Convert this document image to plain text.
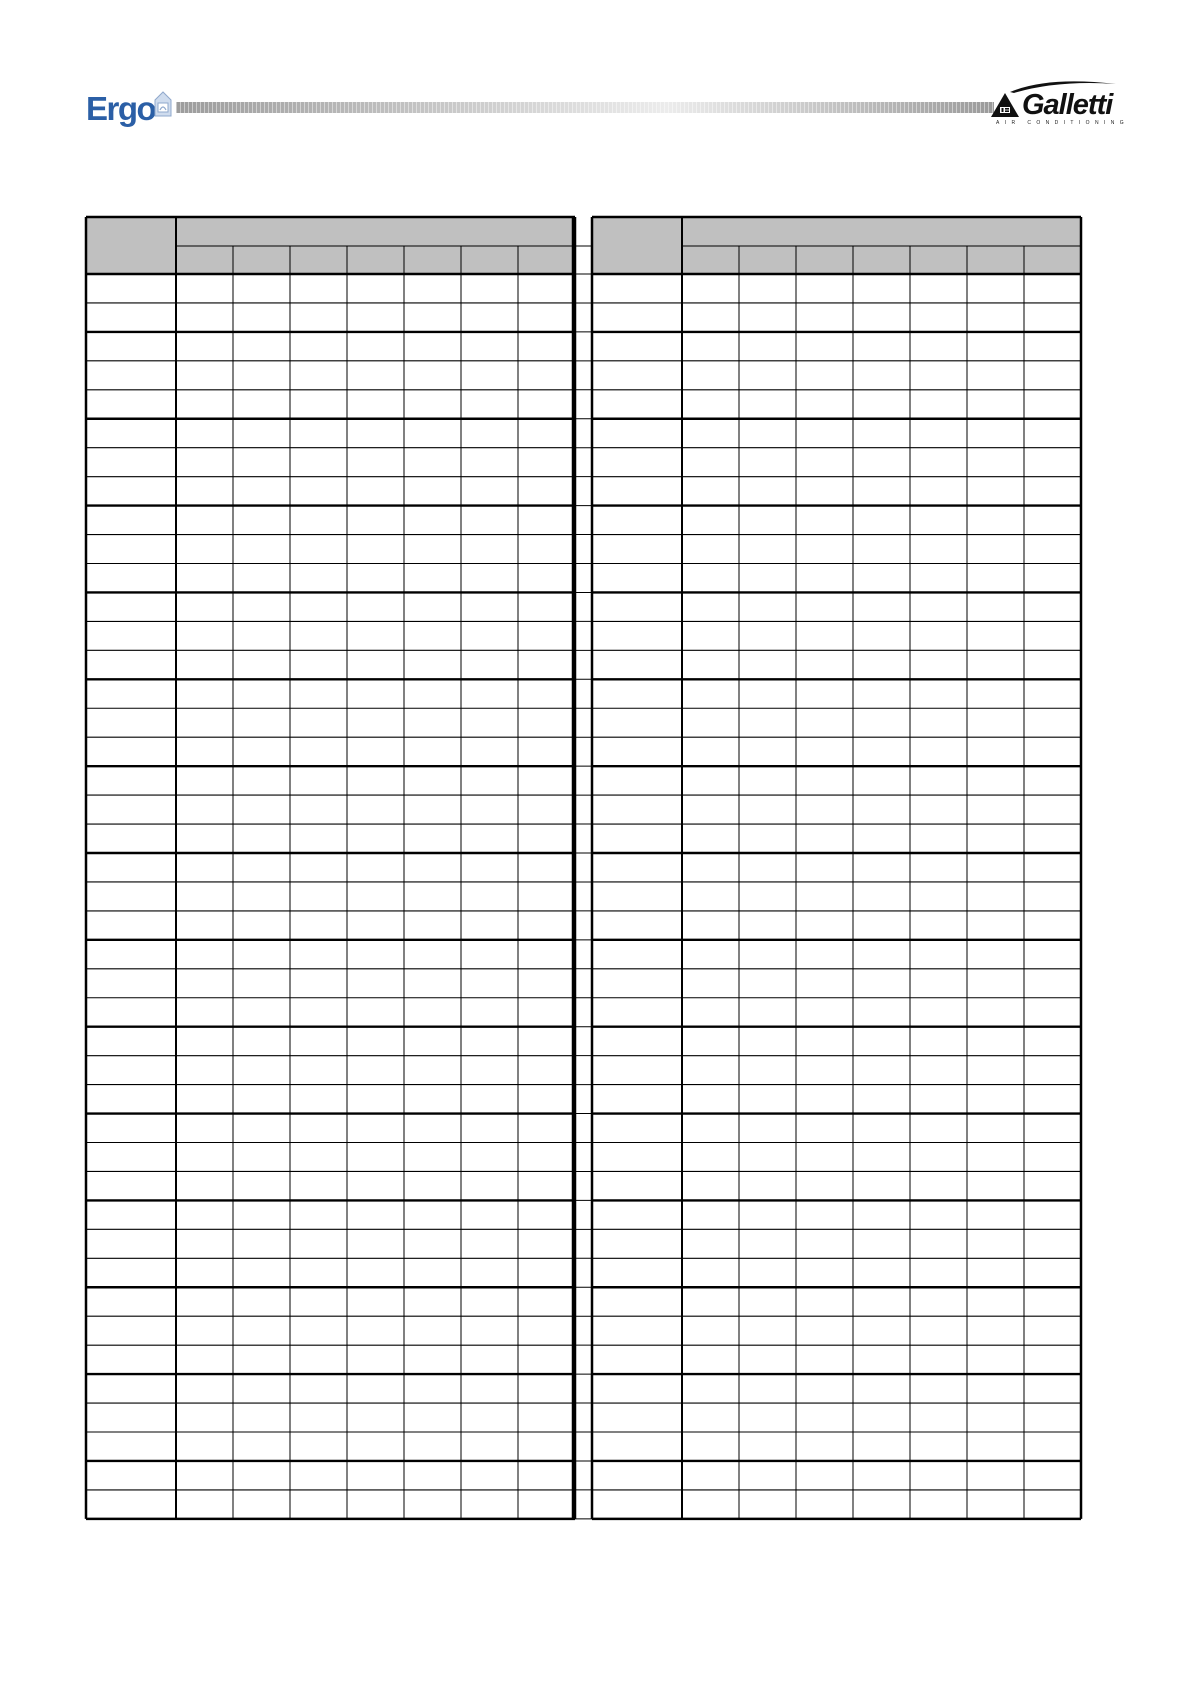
Ergo	Galletti
AIR CONDITIONING
